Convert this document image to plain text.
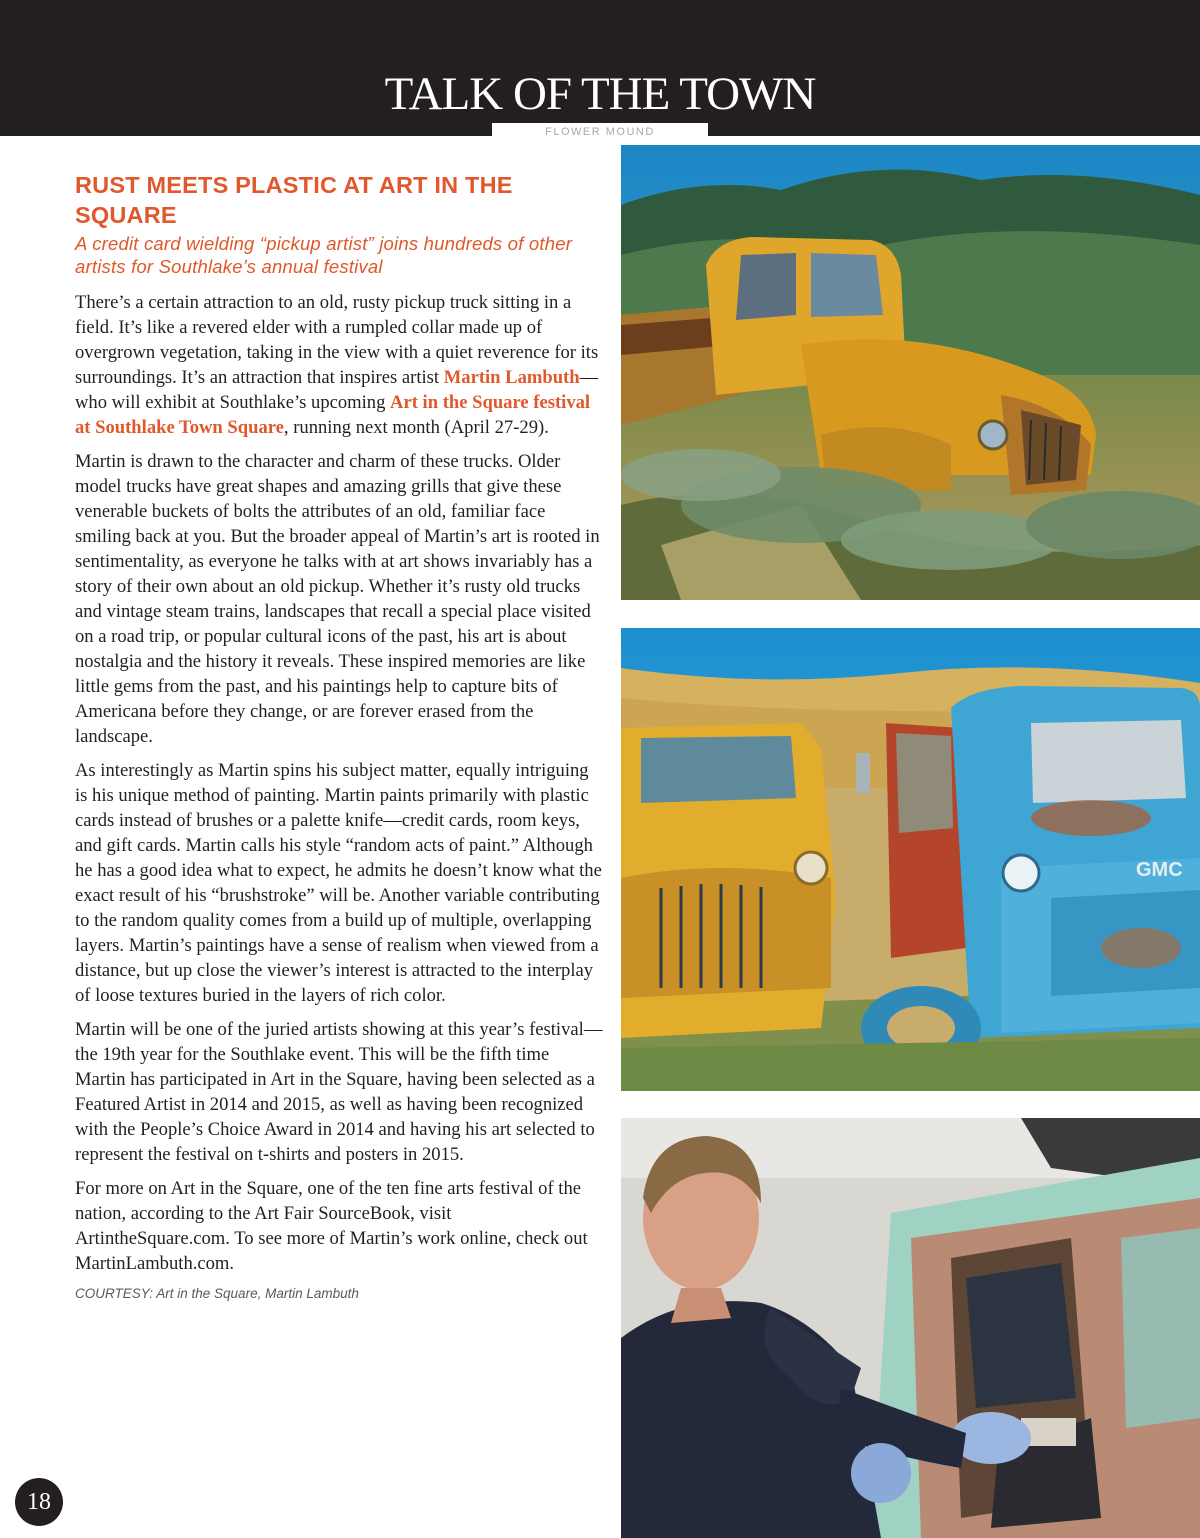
TALK OF THE TOWN
FLOWER MOUND
RUST MEETS PLASTIC AT ART IN THE SQUARE

A credit card wielding “pickup artist” joins hundreds of other artists for Southlake’s annual festival

There’s a certain attraction to an old, rusty pickup truck sitting in a field. It’s like a revered elder with a rumpled collar made up of overgrown vegetation, taking in the view with a quiet reverence for its surroundings. It’s an attraction that inspires artist Martin Lambuth—who will exhibit at Southlake’s upcoming Art in the Square festival at Southlake Town Square, running next month (April 27-29).

Martin is drawn to the character and charm of these trucks. Older model trucks have great shapes and amazing grills that give these venerable buckets of bolts the attributes of an old, familiar face smiling back at you. But the broader appeal of Martin’s art is rooted in sentimentality, as everyone he talks with at art shows invariably has a story of their own about an old pickup. Whether it’s rusty old trucks and vintage steam trains, landscapes that recall a special place visited on a road trip, or popular cultural icons of the past, his art is about nostalgia and the history it reveals. These inspired memories are like little gems from the past, and his paintings help to capture bits of Americana before they change, or are forever erased from the landscape.

As interestingly as Martin spins his subject matter, equally intriguing is his unique method of painting. Martin paints primarily with plastic cards instead of brushes or a palette knife—credit cards, room keys, and gift cards. Martin calls his style “random acts of paint.” Although he has a good idea what to expect, he admits he doesn’t know what the exact result of his “brushstroke” will be. Another variable contributing to the random quality comes from a build up of multiple, overlapping layers. Martin’s paintings have a sense of realism when viewed from a distance, but up close the viewer’s interest is attracted to the interplay of loose textures buried in the layers of rich color.

Martin will be one of the juried artists showing at this year’s festival—the 19th year for the Southlake event. This will be the fifth time Martin has participated in Art in the Square, having been selected as a Featured Artist in 2014 and 2015, as well as having been recognized with the People’s Choice Award in 2014 and having his art selected to represent the festival on t-shirts and posters in 2015.

For more on Art in the Square, one of the ten fine arts festival of the nation, according to the Art Fair SourceBook, visit ArtintheSquare.com. To see more of Martin’s work online, check out MartinLambuth.com.

COURTESY: Art in the Square, Martin Lambuth

GMC
18
